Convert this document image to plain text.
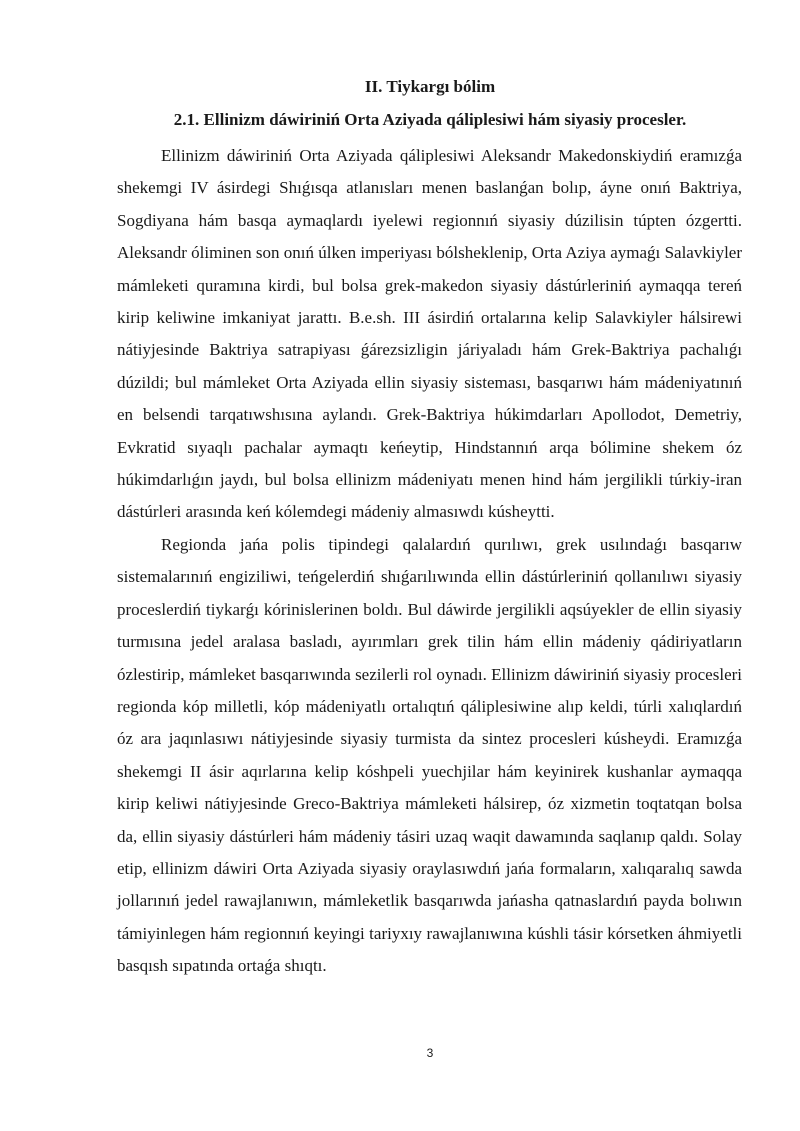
II. Tiykargı bólim
2.1. Ellinizm dáwiriniń Orta Aziyada qáliplesiwi hám siyasiy procesler.

Ellinizm dáwiriniń Orta Aziyada qáliplesiwi Aleksandr Makedonskiydiń eramızǵa shekemgi IV ásirdegi Shıǵısqa atlanısları menen baslanǵan bolıp, áyne onıń Baktriya, Sogdiyana hám basqa aymaqlardı iyelewi regionnıń siyasiy dúzilisin túpten ózgertti. Aleksandr óliminen son onıń úlken imperiyası bólsheklenip, Orta Aziya aymaǵı Salavkiyler mámleketi quramına kirdi, bul bolsa grek-makedon siyasiy dástúrleriniń aymaqqa tereń kirip keliwine imkaniyat jarattı. B.e.sh. III ásirdiń ortalarına kelip Salavkiyler hálsirewi nátiyjesinde Baktriya satrapiyası ǵárezsizligin járiyaladı hám Grek-Baktriya pachalıǵı dúzildi; bul mámleket Orta Aziyada ellin siyasiy sisteması, basqarıwı hám mádeniyatınıń en belsendi tarqatıwshısına aylandı. Grek-Baktriya húkimdarları Apollodot, Demetriy, Evkratid sıyaqlı pachalar aymaqtı keńeytip, Hindstannıń arqa bólimine shekem óz húkimdarlıǵın jaydı, bul bolsa ellinizm mádeniyatı menen hind hám jergilikli túrkiy-iran dástúrleri arasında keń kólemdegi mádeniy almasıwdı kúsheytti.

Regionda jańa polis tipindegi qalalardıń qurılıwı, grek usılındaǵı basqarıw sistemalarınıń engiziliwi, teńgelerdiń shıǵarılıwında ellin dástúrleriniń qollanılıwı siyasiy proceslerdiń tiykarǵı kórinislerinen boldı. Bul dáwirde jergilikli aqsúyekler de ellin siyasiy turmısına jedel aralasa basladı, ayırımları grek tilin hám ellin mádeniy qádiriyatların ózlestirip, mámleket basqarıwında sezilerli rol oynadı. Ellinizm dáwiriniń siyasiy procesleri regionda kóp milletli, kóp mádeniyatlı ortalıqtıń qáliplesiwine alıp keldi, túrli xalıqlardıń óz ara jaqınlasıwı nátiyjesinde siyasiy turmista da sintez procesleri kúsheydi. Eramızǵa shekemgi II ásir aqırlarına kelip kóshpeli yuechjilar hám keyinirek kushanlar aymaqqa kirip keliwi nátiyjesinde Greco-Baktriya mámleketi hálsirep, óz xizmetin toqtatqan bolsa da, ellin siyasiy dástúrleri hám mádeniy tásiri uzaq waqit dawamında saqlanıp qaldı. Solay etip, ellinizm dáwiri Orta Aziyada siyasiy oraylasıwdıń jańa formaların, xalıqaralıq sawda jollarınıń jedel rawajlanıwın, mámleketlik basqarıwda jańasha qatnaslardıń payda bolıwın támiyinlegen hám regionnıń keyingi tariyxıy rawajlanıwına kúshli tásir kórsetken áhmiyetli basqısh sıpatında ortaǵa shıqtı.

3
